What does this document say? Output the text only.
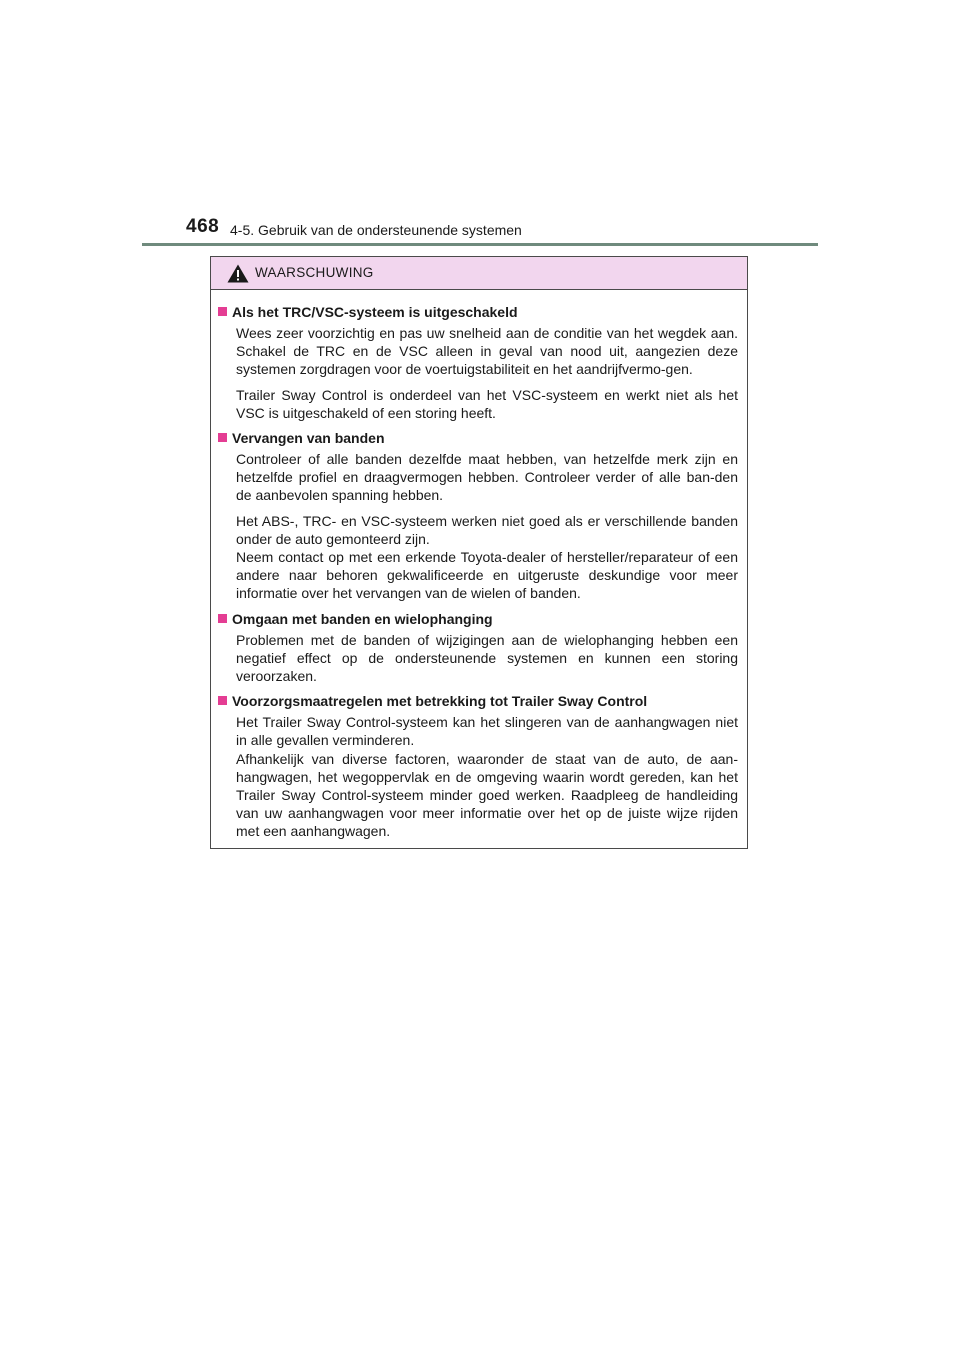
468 4-5. Gebruik van de ondersteunende systemen
WAARSCHUWING
Als het TRC/VSC-systeem is uitgeschakeld

Wees zeer voorzichtig en pas uw snelheid aan de conditie van het wegdek aan. Schakel de TRC en de VSC alleen in geval van nood uit, aangezien deze systemen zorgdragen voor de voertuigstabiliteit en het aandrijfvermo-gen.

Trailer Sway Control is onderdeel van het VSC-systeem en werkt niet als het VSC is uitgeschakeld of een storing heeft.

Vervangen van banden

Controleer of alle banden dezelfde maat hebben, van hetzelfde merk zijn en hetzelfde profiel en draagvermogen hebben. Controleer verder of alle ban-den de aanbevolen spanning hebben.

Het ABS-, TRC- en VSC-systeem werken niet goed als er verschillende banden onder de auto gemonteerd zijn.
Neem contact op met een erkende Toyota-dealer of hersteller/reparateur of een andere naar behoren gekwalificeerde en uitgeruste deskundige voor meer informatie over het vervangen van de wielen of banden.

Omgaan met banden en wielophanging

Problemen met de banden of wijzigingen aan de wielophanging hebben een negatief effect op de ondersteunende systemen en kunnen een storing veroorzaken.

Voorzorgsmaatregelen met betrekking tot Trailer Sway Control

Het Trailer Sway Control-systeem kan het slingeren van de aanhangwagen niet in alle gevallen verminderen.
Afhankelijk van diverse factoren, waaronder de staat van de auto, de aan-hangwagen, het wegoppervlak en de omgeving waarin wordt gereden, kan het Trailer Sway Control-systeem minder goed werken. Raadpleeg de handleiding van uw aanhangwagen voor meer informatie over het op de juiste wijze rijden met een aanhangwagen.
